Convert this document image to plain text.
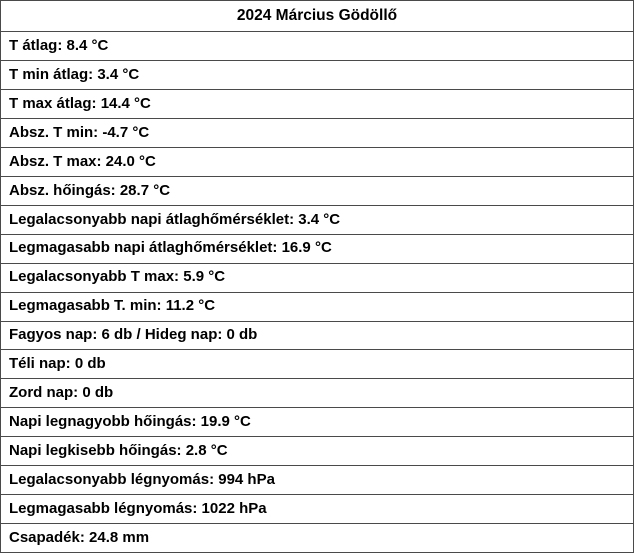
2024 Március Gödöllő
T átlag: 8.4 °C
T min átlag: 3.4 °C
T max átlag: 14.4 °C
Absz. T min: -4.7 °C
Absz. T max: 24.0 °C
Absz. hőingás: 28.7 °C
Legalacsonyabb napi átlaghőmérséklet: 3.4 °C
Legmagasabb napi átlaghőmérséklet: 16.9 °C
Legalacsonyabb T max: 5.9 °C
Legmagasabb T. min: 11.2 °C
Fagyos nap: 6 db / Hideg nap: 0 db
Téli nap: 0 db
Zord nap: 0 db
Napi legnagyobb hőingás: 19.9 °C
Napi legkisebb hőingás: 2.8 °C
Legalacsonyabb légnyomás: 994 hPa
Legmagasabb légnyomás: 1022 hPa
Csapadék: 24.8 mm
